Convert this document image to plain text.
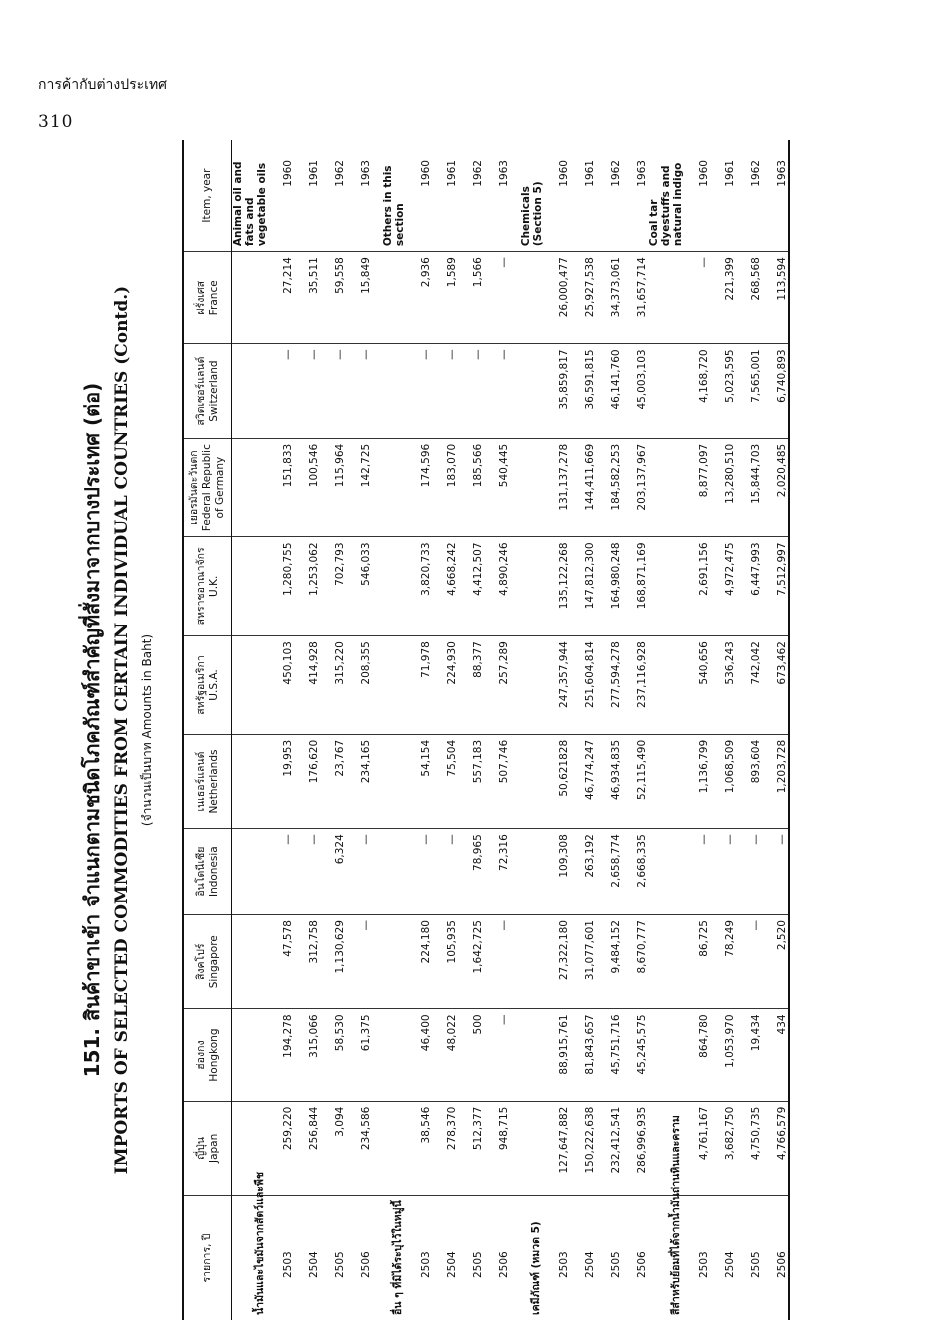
การค้ากับต่างประเทศ
310
151. สินค้าขาเข้า จำแนกตามชนิดโภคภัณฑ์สำคัญที่สั่งมาจากบางประเทศ (ต่อ) IMPORTS OF SELECTED COMMODITIES FROM CERTAIN INDIVIDUAL COUNTRIES (Contd.) (จำนวนเป็นบาท Amounts in Baht)
รายการ, ปี	ญี่ปุ่น Japan	ฮ่องกง Hongkong	สิงคโปร์ Singapore	อินโดนีเซีย Indonesia	เนเธอร์แลนด์ Netherlands	สหรัฐอเมริกา U.S.A.	สหราชอาณาจักร U.K.	เยอรมันตะวันตก Federal Republic of Germany	สวิตเซอร์แลนด์ Switzerland	ฝรั่งเศส France	Item, year

น้ำมันและไขมันจากสัตว์และพืช											Animal oil and fats and vegetable oils
2503	259,220	194,278	47,578	—	19,953	450,103	1,280,755	151,833	—	27,214	1960
2504	256,844	315,066	312,758	—	176,620	414,928	1,253,062	100,546	—	35,511	1961
2505	3,094	58,530	1,130,629	6,324	23,767	315,220	702,793	115,964	—	59,558	1962
2506	234,586	61,375	—	—	234,165	208,355	546,033	142,725	—	15,849	1963
อื่น ๆ ที่มิได้ระบุไว้ในหมู่นี้											Others in this section
2503	38,546	46,400	224,180	—	54,154	71,978	3,820,733	174,596	—	2,936	1960
2504	278,370	48,022	105,935	—	75,504	224,930	4,668,242	183,070	—	1,589	1961
2505	512,377	500	1,642,725	78,965	557,183	88,377	4,412,507	185,566	—	1,566	1962
2506	948,715	—	—	72,316	507,746	257,289	4,890,246	540,445	—	—	1963
เคมีภัณฑ์ (หมวด 5)											Chemicals (Section 5)
2503	127,647,882	88,915,761	27,322,180	109,308	50,621828	247,357,944	135,122,268	131,137,278	35,859,817	26,000,477	1960
2504	150,222,638	81,843,657	31,077,601	263,192	46,774,247	251,604,814	147,812,300	144,411,669	36,591,815	25,927,538	1961
2505	232,412,541	45,751,716	9,484,152	2,658,774	46,934,835	277,594,278	164,980,248	184,582,253	46,141,760	34,373,061	1962
2506	286,996,935	45,245,575	8,670,777	2,668,335	52,115,490	237,116,928	168,871,169	203,137,967	45,003,103	31,657,714	1963
สีสำหรับย้อมที่ได้จากน้ำมันถ่านหินและคราม											Coal tar dyestuffs and natural indigo
2503	4,761,167	864,780	86,725	—	1,136,799	540,656	2,691,156	8,877,097	4,168,720	—	1960
2504	3,682,750	1,053,970	78,249	—	1,068,509	536,243	4,972,475	13,280,510	5,023,595	221,399	1961
2505	4,750,735	19,434	—	—	893,604	742,042	6,447,993	15,844,703	7,565,001	268,568	1962
2506	4,766,579	434	2,520	—	1,203,728	673,462	7,512,997	2,020,485	6,740,893	113,594	1963
